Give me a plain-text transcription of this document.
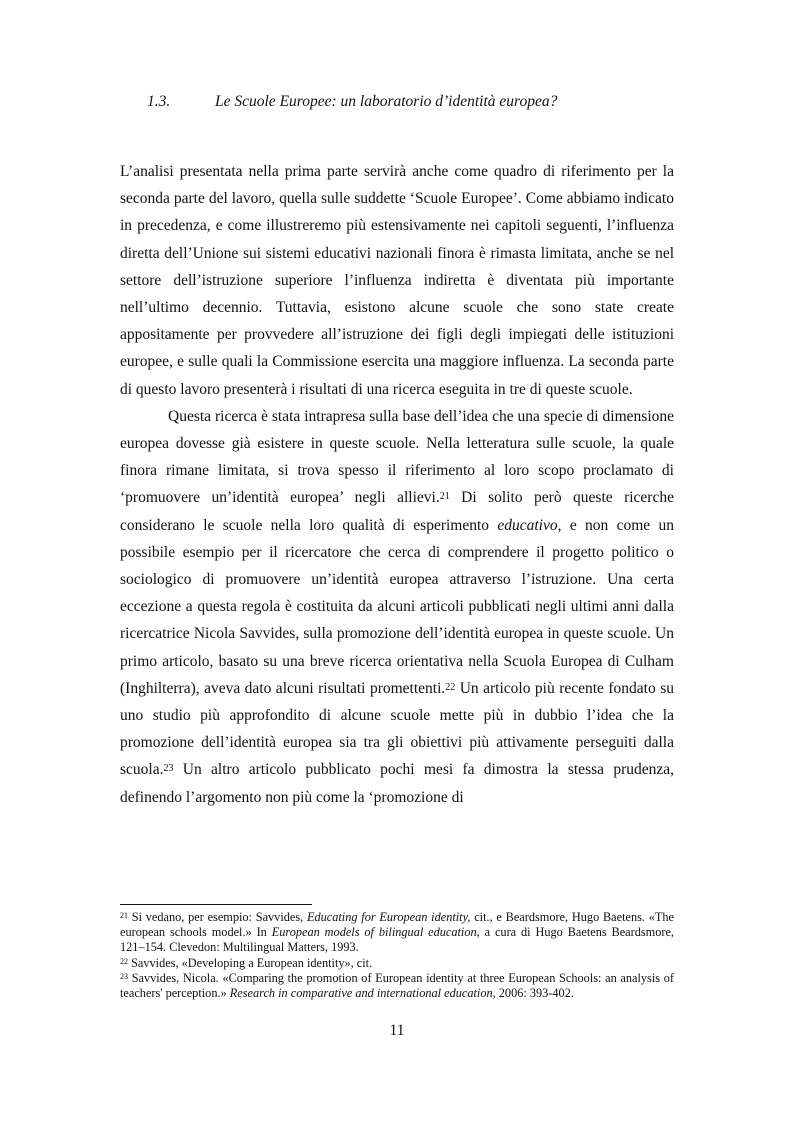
1.3.	Le Scuole Europee: un laboratorio d’identità europea?

L’analisi presentata nella prima parte servirà anche come quadro di riferimento per la seconda parte del lavoro, quella sulle suddette ‘Scuole Europee’. Come abbiamo indicato in precedenza, e come illustreremo più estensivamente nei capitoli seguenti, l’influenza diretta dell’Unione sui sistemi educativi nazionali finora è rimasta limitata, anche se nel settore dell’istruzione superiore l’influenza indiretta è diventata più importante nell’ultimo decennio. Tuttavia, esistono alcune scuole che sono state create appositamente per provvedere all’istruzione dei figli degli impiegati delle istituzioni europee, e sulle quali la Commissione esercita una maggiore influenza. La seconda parte di questo lavoro presenterà i risultati di una ricerca eseguita in tre di queste scuole.

Questa ricerca è stata intrapresa sulla base dell’idea che una specie di dimensione europea dovesse già esistere in queste scuole. Nella letteratura sulle scuole, la quale finora rimane limitata, si trova spesso il riferimento al loro scopo proclamato di ‘promuovere un’identità europea’ negli allievi.$^{21}$ Di solito però queste ricerche considerano le scuole nella loro qualità di esperimento educativo, e non come un possibile esempio per il ricercatore che cerca di comprendere il progetto politico o sociologico di promuovere un’identità europea attraverso l’istruzione. Una certa eccezione a questa regola è costituita da alcuni articoli pubblicati negli ultimi anni dalla ricercatrice Nicola Savvides, sulla promozione dell’identità europea in queste scuole. Un primo articolo, basato su una breve ricerca orientativa nella Scuola Europea di Culham (Inghilterra), aveva dato alcuni risultati promettenti.$^{22}$ Un articolo più recente fondato su uno studio più approfondito di alcune scuole mette più in dubbio l’idea che la promozione dell’identità europea sia tra gli obiettivi più attivamente perseguiti dalla scuola.$^{23}$ Un altro articolo pubblicato pochi mesi fa dimostra la stessa prudenza, definendo l’argomento non più come la ‘promozione di

$^{21}$ Si vedano, per esempio: Savvides, Educating for European identity, cit., e Beardsmore, Hugo Baetens. «The european schools model.» In European models of bilingual education, a cura di Hugo Baetens Beardsmore, 121–154. Clevedon: Multilingual Matters, 1993.

$^{22}$ Savvides, «Developing a European identity», cit.

$^{23}$ Savvides, Nicola. «Comparing the promotion of European identity at three European Schools: an analysis of teachers' perception.» Research in comparative and international education, 2006: 393-402.

11
